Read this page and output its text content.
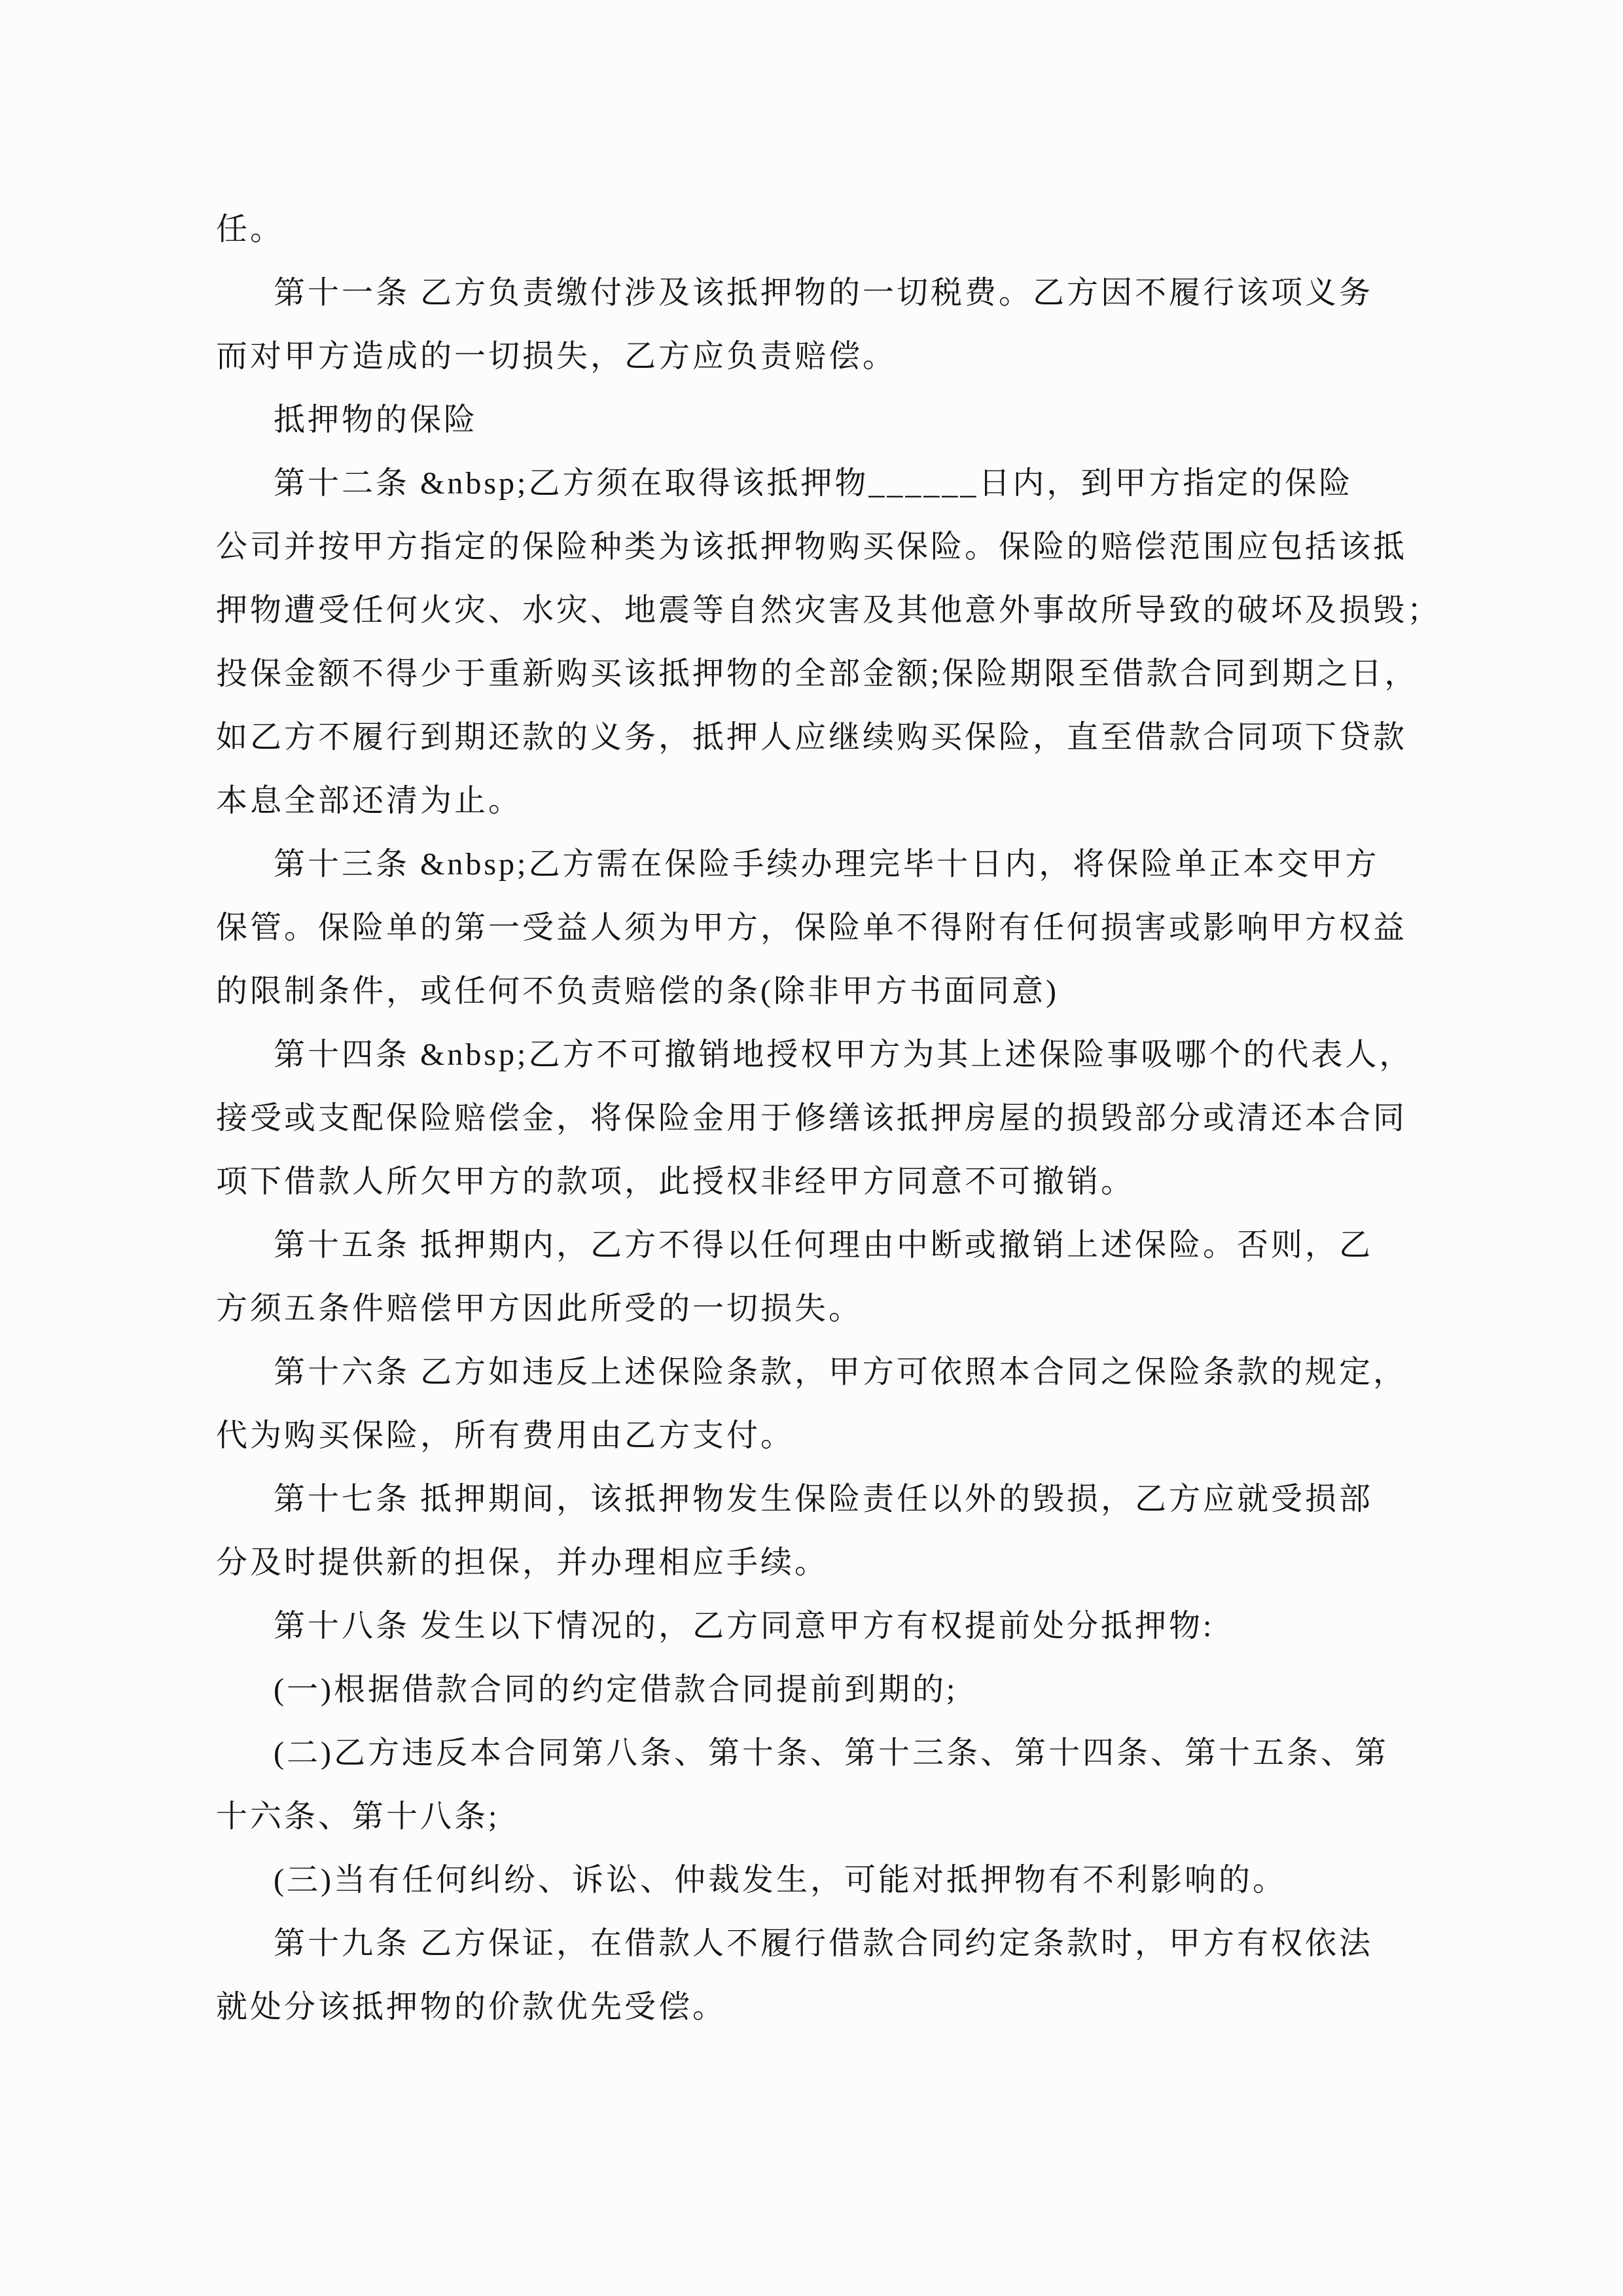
任。
第十一条 乙方负责缴付涉及该抵押物的一切税费。乙方因不履行该项义务
而对甲方造成的一切损失，乙方应负责赔偿。
抵押物的保险
第十二条 &nbsp;乙方须在取得该抵押物______日内，到甲方指定的保险
公司并按甲方指定的保险种类为该抵押物购买保险。保险的赔偿范围应包括该抵
押物遭受任何火灾、水灾、地震等自然灾害及其他意外事故所导致的破坏及损毁；
投保金额不得少于重新购买该抵押物的全部金额;保险期限至借款合同到期之日，
如乙方不履行到期还款的义务，抵押人应继续购买保险，直至借款合同项下贷款
本息全部还清为止。
第十三条 &nbsp;乙方需在保险手续办理完毕十日内，将保险单正本交甲方
保管。保险单的第一受益人须为甲方，保险单不得附有任何损害或影响甲方权益
的限制条件，或任何不负责赔偿的条(除非甲方书面同意)
第十四条 &nbsp;乙方不可撤销地授权甲方为其上述保险事吸哪个的代表人，
接受或支配保险赔偿金，将保险金用于修缮该抵押房屋的损毁部分或清还本合同
项下借款人所欠甲方的款项，此授权非经甲方同意不可撤销。
第十五条 抵押期内，乙方不得以任何理由中断或撤销上述保险。否则，乙
方须五条件赔偿甲方因此所受的一切损失。
第十六条 乙方如违反上述保险条款，甲方可依照本合同之保险条款的规定，
代为购买保险，所有费用由乙方支付。
第十七条 抵押期间，该抵押物发生保险责任以外的毁损，乙方应就受损部
分及时提供新的担保，并办理相应手续。
第十八条 发生以下情况的，乙方同意甲方有权提前处分抵押物:
(一)根据借款合同的约定借款合同提前到期的;
(二)乙方违反本合同第八条、第十条、第十三条、第十四条、第十五条、第
十六条、第十八条;
(三)当有任何纠纷、诉讼、仲裁发生，可能对抵押物有不利影响的。
第十九条 乙方保证，在借款人不履行借款合同约定条款时，甲方有权依法
就处分该抵押物的价款优先受偿。
